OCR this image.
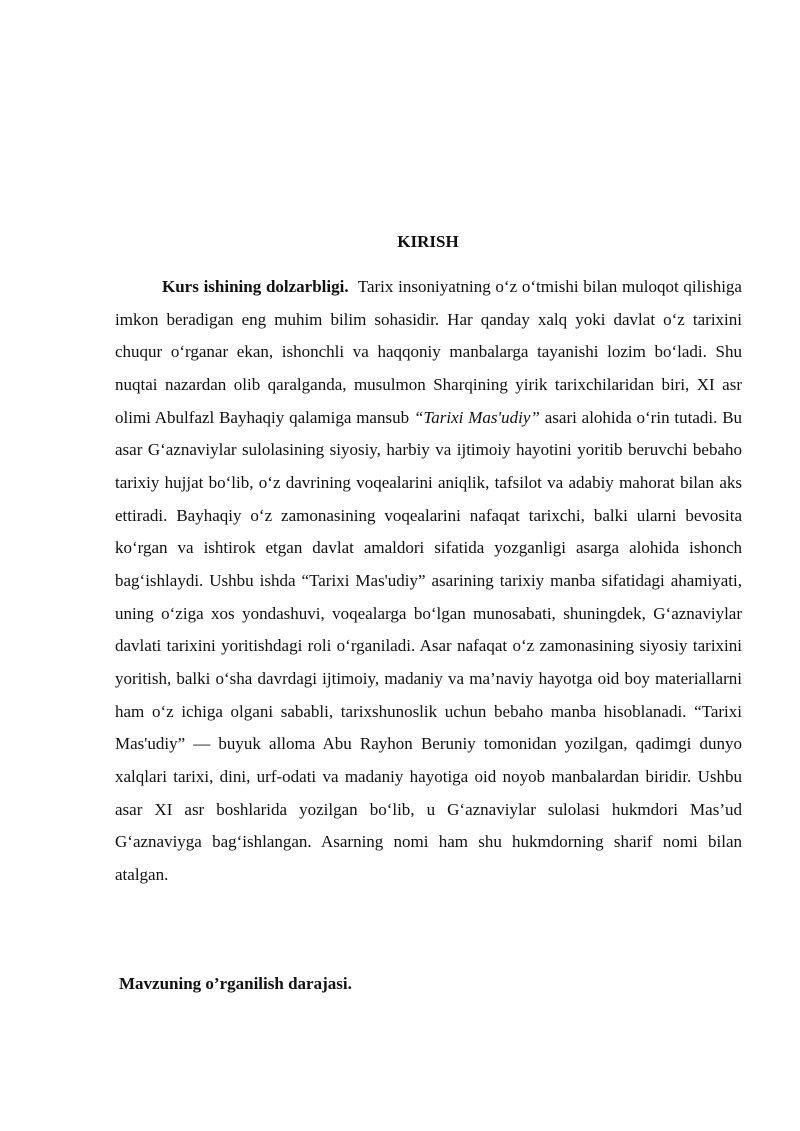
KIRISH

Kurs ishining dolzarbligi. Tarix insoniyatning o‘z o‘tmishi bilan muloqot qilishiga imkon beradigan eng muhim bilim sohasidir. Har qanday xalq yoki davlat o‘z tarixini chuqur o‘rganar ekan, ishonchli va haqqoniy manbalarga tayanishi lozim bo‘ladi. Shu nuqtai nazardan olib qaralganda, musulmon Sharqining yirik tarixchilaridan biri, XI asr olimi Abulfazl Bayhaqiy qalamiga mansub “Tarixi Mas'udiy” asari alohida o‘rin tutadi. Bu asar G‘aznaviylar sulolasining siyosiy, harbiy va ijtimoiy hayotini yoritib beruvchi bebaho tarixiy hujjat bo‘lib, o‘z davrining voqealarini aniqlik, tafsilot va adabiy mahorat bilan aks ettiradi. Bayhaqiy o‘z zamonasining voqealarini nafaqat tarixchi, balki ularni bevosita ko‘rgan va ishtirok etgan davlat amaldori sifatida yozganligi asarga alohida ishonch bag‘ishlaydi. Ushbu ishda “Tarixi Mas'udiy” asarining tarixiy manba sifatidagi ahamiyati, uning o‘ziga xos yondashuvi, voqealarga bo‘lgan munosabati, shuningdek, G‘aznaviylar davlati tarixini yoritishdagi roli o‘rganiladi. Asar nafaqat o‘z zamonasining siyosiy tarixini yoritish, balki o‘sha davrdagi ijtimoiy, madaniy va ma’naviy hayotga oid boy materiallarni ham o‘z ichiga olgani sababli, tarixshunoslik uchun bebaho manba hisoblanadi. “Tarixi Mas'udiy” — buyuk alloma Abu Rayhon Beruniy tomonidan yozilgan, qadimgi dunyo xalqlari tarixi, dini, urf-odati va madaniy hayotiga oid noyob manbalardan biridir. Ushbu asar XI asr boshlarida yozilgan bo‘lib, u G‘aznaviylar sulolasi hukmdori Mas’ud G‘aznaviyga bag‘ishlangan. Asarning nomi ham shu hukmdorning sharif nomi bilan atalgan.

Mavzuning o’rganilish darajasi.
